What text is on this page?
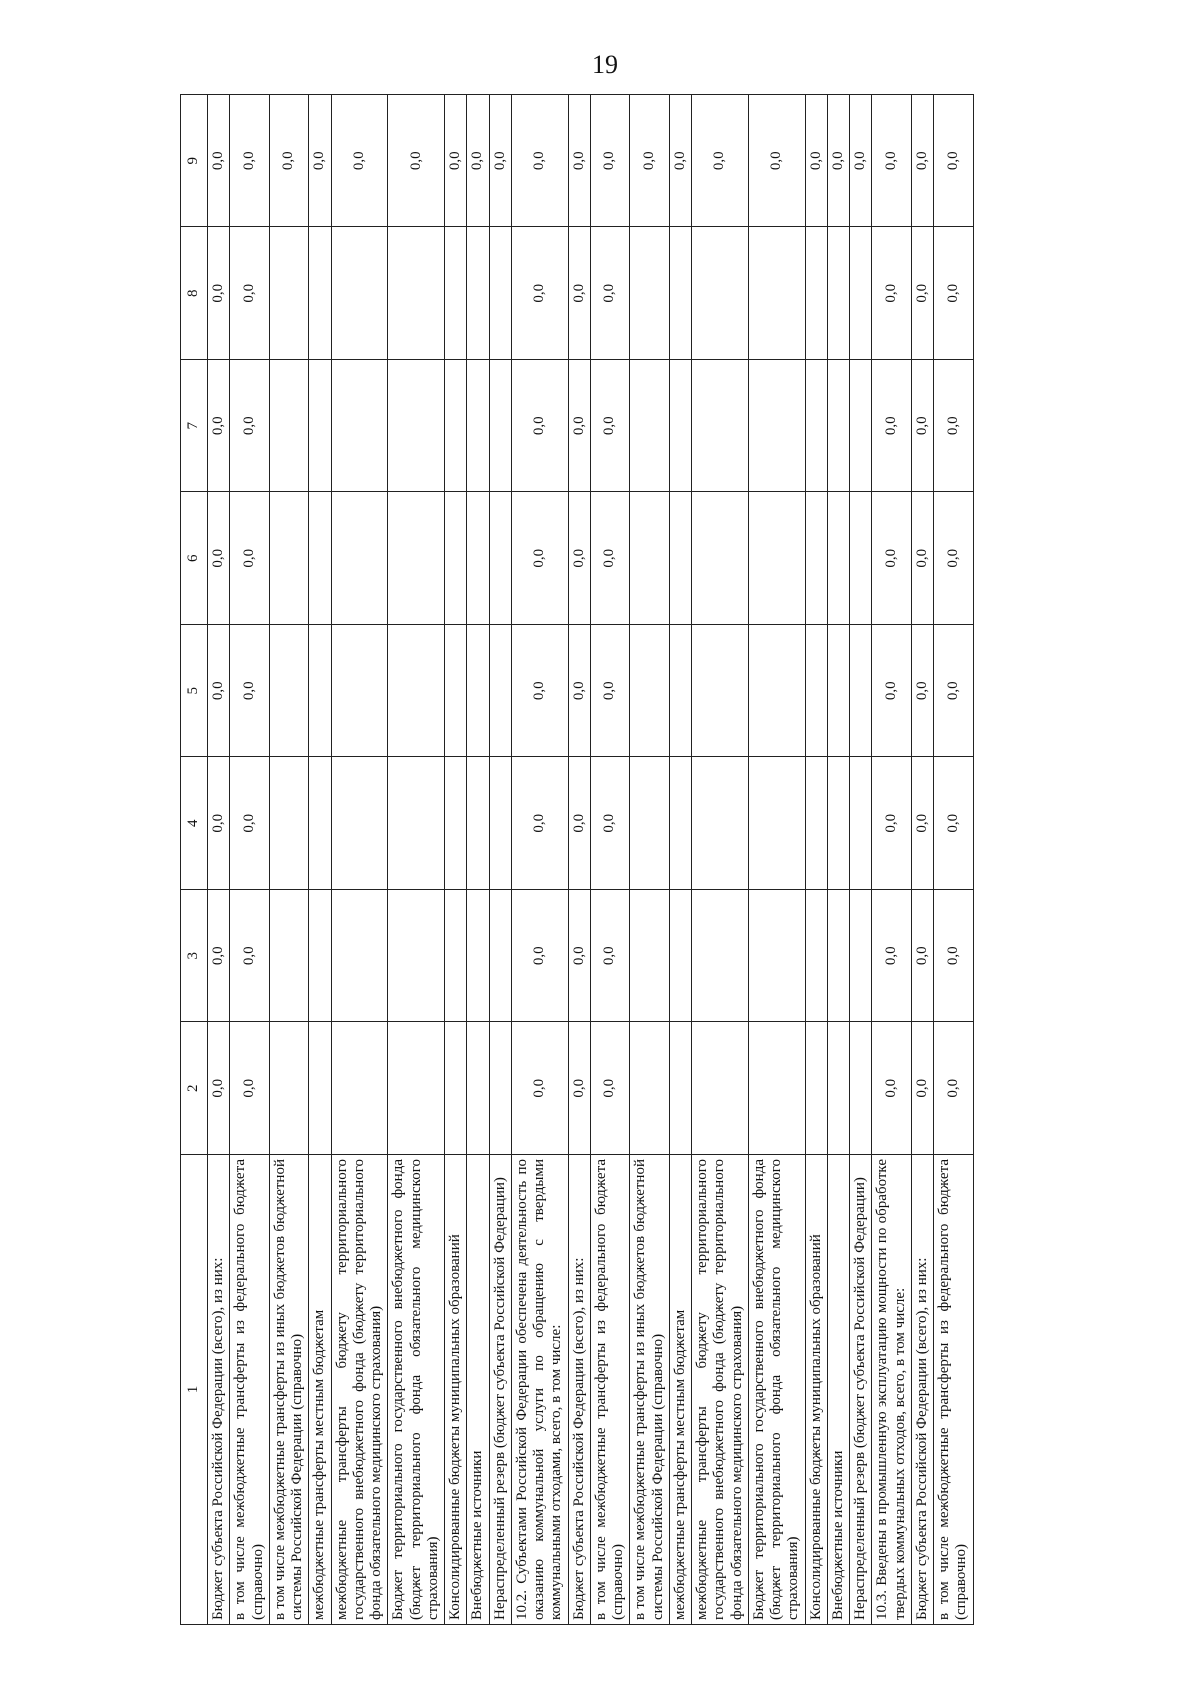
19
1	2	3	4	5	6	7	8	9
Бюджет субъекта Российской Федерации (всего), из них:	0,0	0,0	0,0	0,0	0,0	0,0	0,0	0,0
в том числе межбюджетные трансферты из федерального бюджета (справочно)	0,0	0,0	0,0	0,0	0,0	0,0	0,0	0,0
в том числе межбюджетные трансферты из иных бюджетов бюджетной системы Российской Федерации (справочно)								0,0
межбюджетные трансферты местным бюджетам								0,0
межбюджетные трансферты бюджету территориального государственного внебюджетного фонда (бюджету территориального фонда обязательного медицинского страхования)								0,0
Бюджет территориального государственного внебюджетного фонда (бюджет территориального фонда обязательного медицинского страхования)								0,0
Консолидированные бюджеты муниципальных образований								0,0
Внебюджетные источники								0,0
Нераспределенный резерв (бюджет субъекта Российской Федерации)								0,0
10.2. Субъектами Российской Федерации обеспечена деятельность по оказанию коммунальной услуги по обращению с твердыми коммунальными отходами, всего, в том числе:	0,0	0,0	0,0	0,0	0,0	0,0	0,0	0,0
Бюджет субъекта Российской Федерации (всего), из них:	0,0	0,0	0,0	0,0	0,0	0,0	0,0	0,0
в том числе межбюджетные трансферты из федерального бюджета (справочно)	0,0	0,0	0,0	0,0	0,0	0,0	0,0	0,0
в том числе межбюджетные трансферты из иных бюджетов бюджетной системы Российской Федерации (справочно)								0,0
межбюджетные трансферты местным бюджетам								0,0
межбюджетные трансферты бюджету территориального государственного внебюджетного фонда (бюджету территориального фонда обязательного медицинского страхования)								0,0
Бюджет территориального государственного внебюджетного фонда (бюджет территориального фонда обязательного медицинского страхования)								0,0
Консолидированные бюджеты муниципальных образований								0,0
Внебюджетные источники								0,0
Нераспределенный резерв (бюджет субъекта Российской Федерации)								0,0
10.3. Введены в промышленную эксплуатацию мощности по обработке твердых коммунальных отходов, всего, в том числе:	0,0	0,0	0,0	0,0	0,0	0,0	0,0	0,0
Бюджет субъекта Российской Федерации (всего), из них:	0,0	0,0	0,0	0,0	0,0	0,0	0,0	0,0
в том числе межбюджетные трансферты из федерального бюджета (справочно)	0,0	0,0	0,0	0,0	0,0	0,0	0,0	0,0
